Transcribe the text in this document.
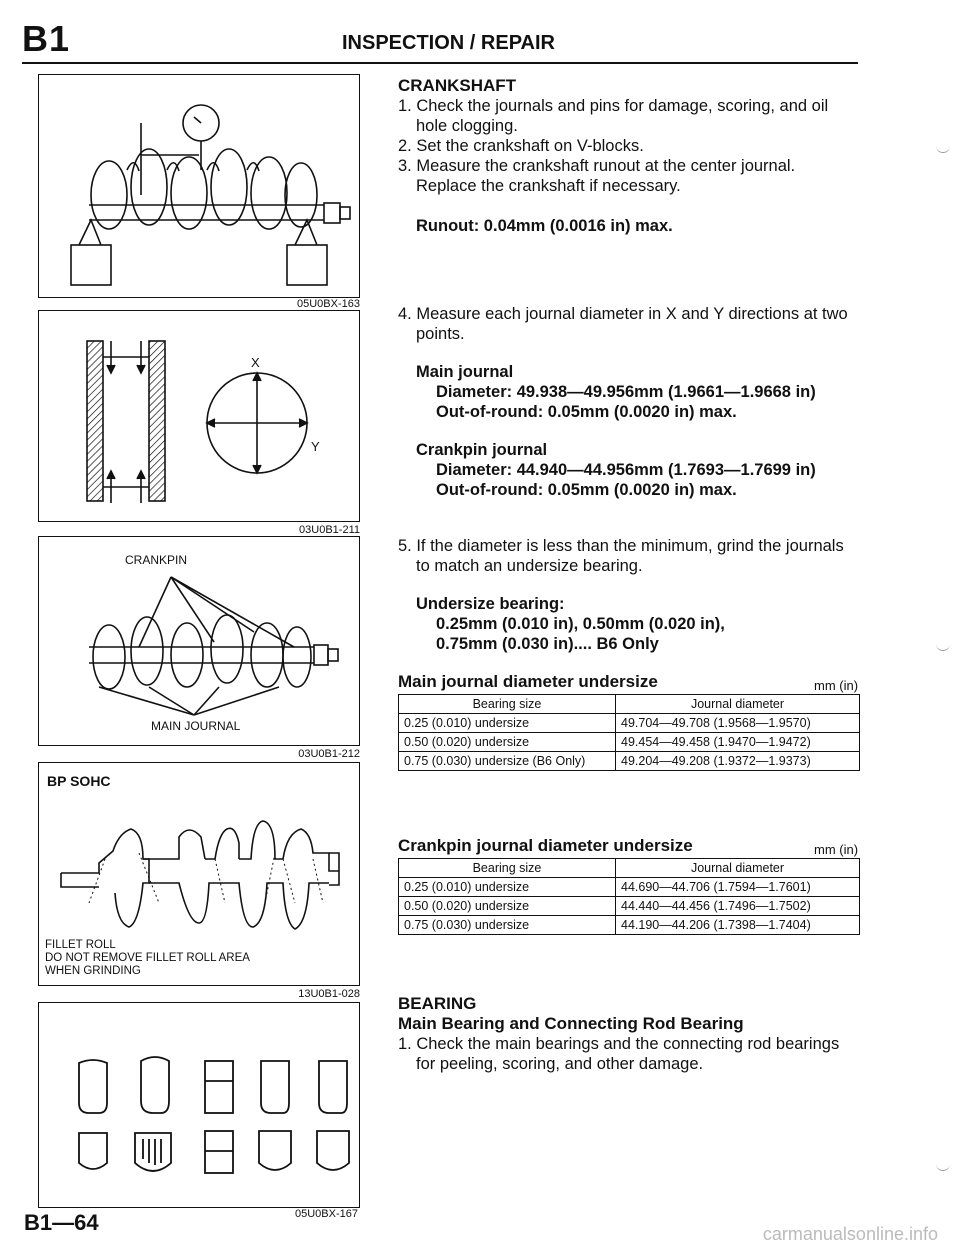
B1	INSPECTION / REPAIR
05U0BX-163
X
Y
03U0B1-211
CRANKPIN
MAIN JOURNAL
03U0B1-212
BP SOHC
FILLET ROLL
DO NOT REMOVE FILLET ROLL AREA
WHEN GRINDING
13U0B1-028
05U0BX-167
CRANKSHAFT
1. Check the journals and pins for damage, scoring, and oil
hole clogging.
2. Set the crankshaft on V-blocks.
3. Measure the crankshaft runout at the center journal.
Replace the crankshaft if necessary.
Runout: 0.04mm (0.0016 in) max.
4. Measure each journal diameter in X and Y directions at two
points.
Main journal
Diameter: 49.938—49.956mm (1.9661—1.9668 in)
Out-of-round: 0.05mm (0.0020 in) max.
Crankpin journal
Diameter: 44.940—44.956mm (1.7693—1.7699 in)
Out-of-round: 0.05mm (0.0020 in) max.
5. If the diameter is less than the minimum, grind the journals
to match an undersize bearing.
Undersize bearing:
0.25mm (0.010 in), 0.50mm (0.020 in),
0.75mm (0.030 in).... B6 Only
Main journal diameter undersize	mm (in)
Bearing size	Journal diameter
0.25 (0.010) undersize	49.704—49.708 (1.9568—1.9570)
0.50 (0.020) undersize	49.454—49.458 (1.9470—1.9472)
0.75 (0.030) undersize (B6 Only)	49.204—49.208 (1.9372—1.9373)
Crankpin journal diameter undersize	mm (in)
Bearing size	Journal diameter
0.25 (0.010) undersize	44.690—44.706 (1.7594—1.7601)
0.50 (0.020) undersize	44.440—44.456 (1.7496—1.7502)
0.75 (0.030) undersize	44.190—44.206 (1.7398—1.7404)
BEARING
Main Bearing and Connecting Rod Bearing
1. Check the main bearings and the connecting rod bearings
for peeling, scoring, and other damage.
B1—64	carmanualsonline.info
